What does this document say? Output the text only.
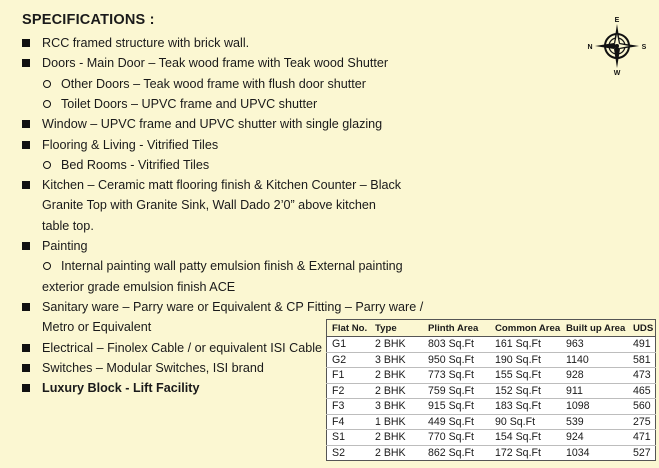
SPECIFICATIONS :	E
S
W
N
RCC framed structure with brick wall.
Doors - Main Door – Teak wood frame with Teak wood Shutter
Other Doors – Teak wood frame with flush door shutter
Toilet Doors – UPVC frame and UPVC shutter
Window – UPVC frame and UPVC shutter with single glazing
Flooring & Living - Vitrified Tiles
Bed Rooms - Vitrified Tiles
Kitchen – Ceramic matt flooring finish & Kitchen Counter – Black
Granite Top with Granite Sink, Wall Dado 2’0” above kitchen
table top.
Painting
Internal painting wall patty emulsion finish & External painting
exterior grade emulsion finish ACE
Sanitary ware – Parry ware or Equivalent & CP Fitting – Parry ware /
Metro or Equivalent
Electrical – Finolex Cable / or equivalent ISI Cable
Switches – Modular Switches, ISI brand
Luxury Block - Lift Facility
Flat No.	Type	Plinth Area	Common Area	Built up Area	UDS
G1	2 BHK	803 Sq.Ft	161 Sq.Ft	963	491
G2	3 BHK	950 Sq.Ft	190 Sq.Ft	1140	581
F1	2 BHK	773 Sq.Ft	155 Sq.Ft	928	473
F2	2 BHK	759 Sq.Ft	152 Sq.Ft	911	465
F3	3 BHK	915 Sq.Ft	183 Sq.Ft	1098	560
F4	1 BHK	449 Sq.Ft	90 Sq.Ft	539	275
S1	2 BHK	770 Sq.Ft	154 Sq.Ft	924	471
S2	2 BHK	862 Sq.Ft	172 Sq.Ft	1034	527
